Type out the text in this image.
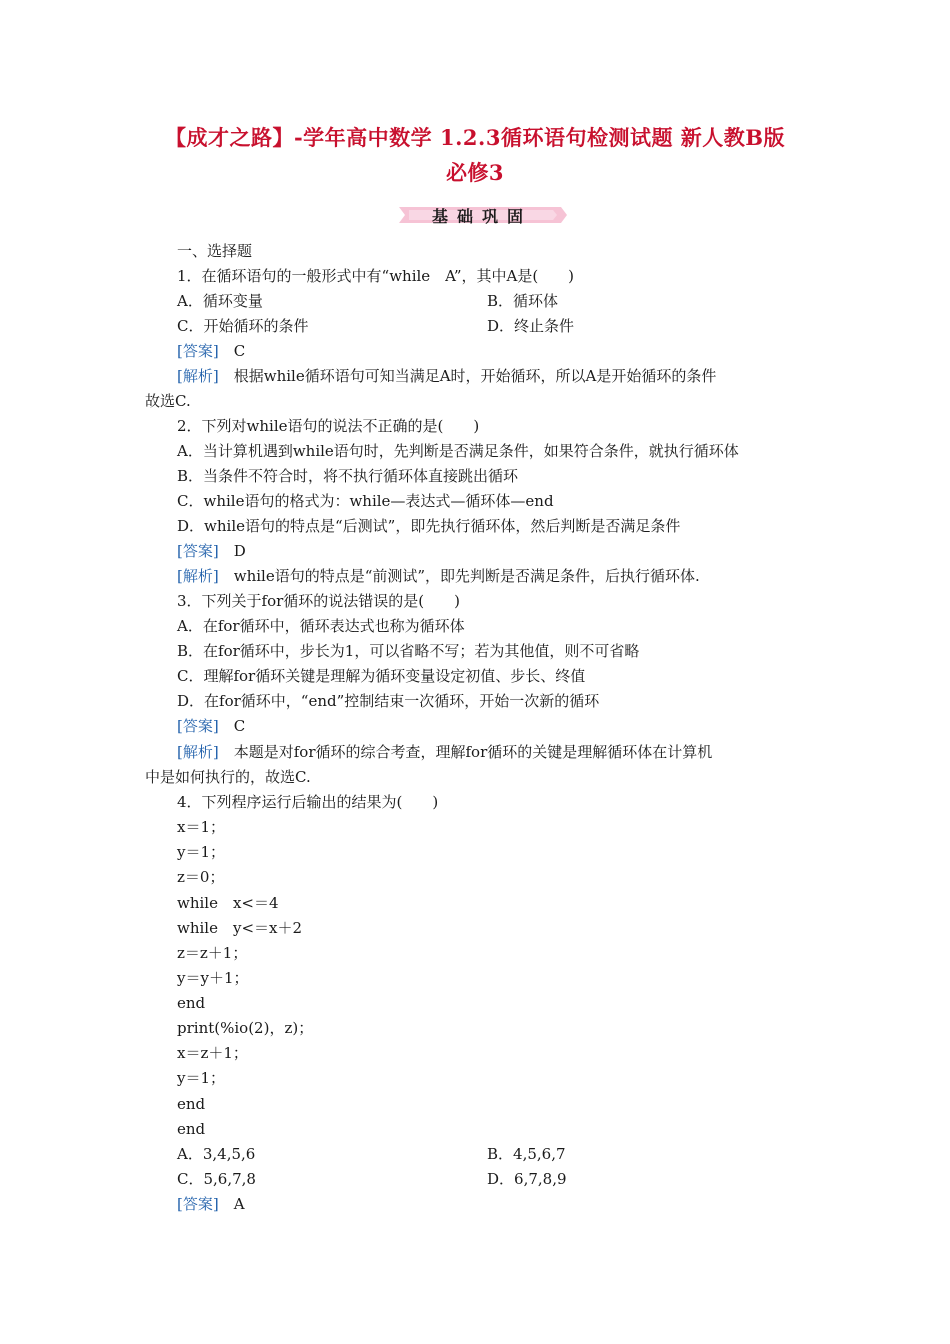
【成才之路】-学年高中数学 1.2.3循环语句检测试题 新人教B版
必修3
基础巩固
一、选择题
1．在循环语句的一般形式中有“while　A”，其中A是(　　)
A．循环变量	B．循环体
C．开始循环的条件	D．终止条件
[答案]　 C
[解析]　 根据while循环语句可知当满足A时，开始循环，所以A是开始循环的条件
故选C.
2．下列对while语句的说法不正确的是(　　)
A．当计算机遇到while语句时，先判断是否满足条件，如果符合条件，就执行循环体
B．当条件不符合时，将不执行循环体直接跳出循环
C．while语句的格式为：while—表达式—循环体—end
D．while语句的特点是“后测试”，即先执行循环体，然后判断是否满足条件
[答案]　 D
[解析]　 while语句的特点是“前测试”，即先判断是否满足条件，后执行循环体.
3．下列关于for循环的说法错误的是(　　)
A．在for循环中，循环表达式也称为循环体
B．在for循环中，步长为1，可以省略不写；若为其他值，则不可省略
C．理解for循环关键是理解为循环变量设定初值、步长、终值
D．在for循环中，“end”控制结束一次循环，开始一次新的循环
[答案]　 C
[解析]　 本题是对for循环的综合考查，理解for循环的关键是理解循环体在计算机
中是如何执行的，故选C.
4．下列程序运行后输出的结果为(　　)
x＝1；
y＝1；
z＝0；
while　x<＝4
while　y<＝x＋2
z＝z＋1；
y＝y＋1；
end
print(%io(2)，z)；
x＝z＋1；
y＝1；
end
end
A．3,4,5,6	B．4,5,6,7
C．5,6,7,8	D．6,7,8,9
[答案]　 A
